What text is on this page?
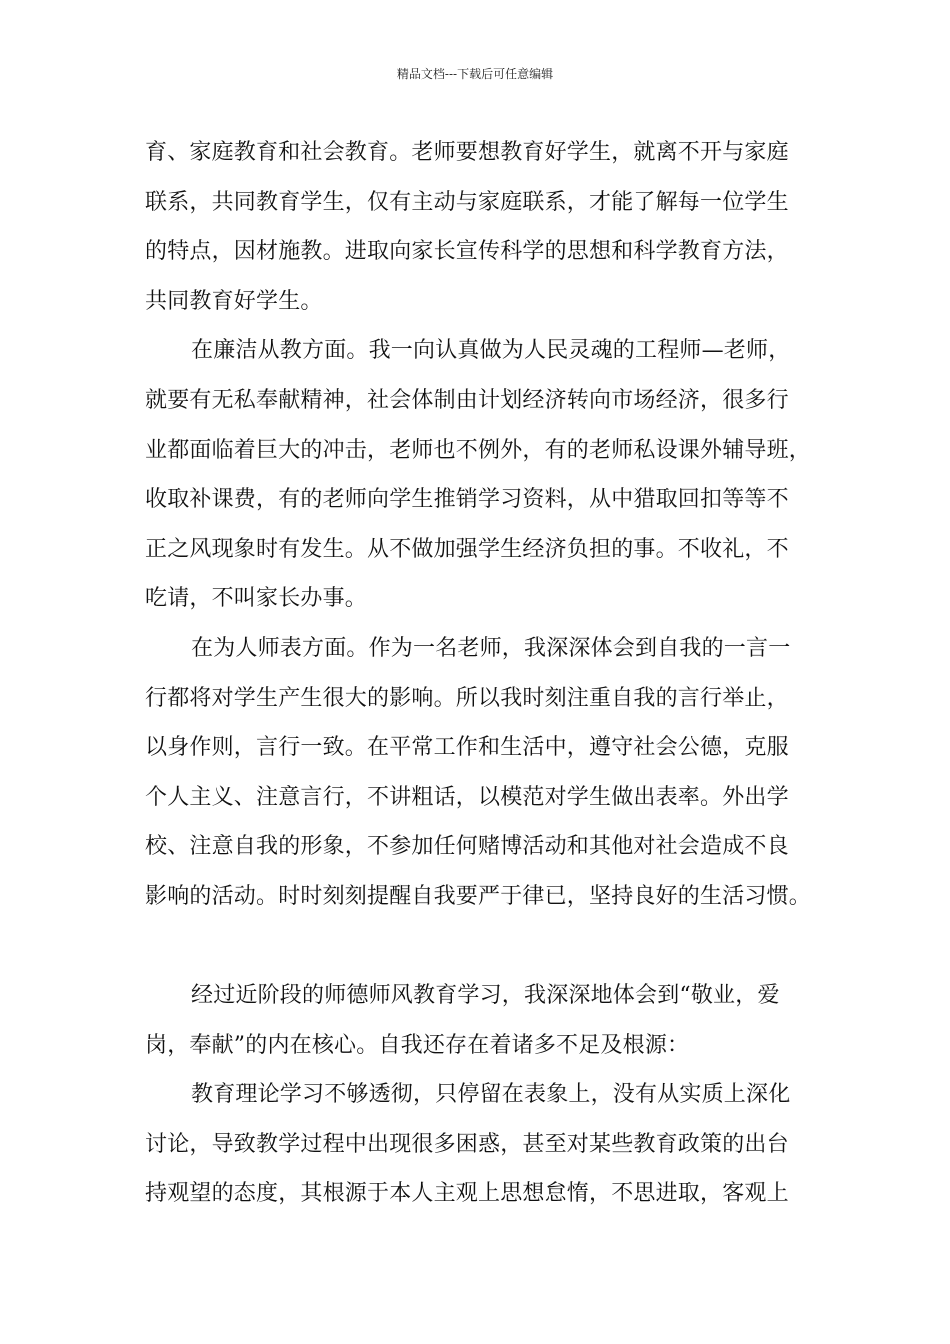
精品文档---下载后可任意编辑
育、家庭教育和社会教育。老师要想教育好学生，就离不开与家庭
联系，共同教育学生，仅有主动与家庭联系，才能了解每一位学生
的特点，因材施教。进取向家长宣传科学的思想和科学教育方法，
共同教育好学生。
在廉洁从教方面。我一向认真做为人民灵魂的工程师—老师，
就要有无私奉献精神，社会体制由计划经济转向市场经济，很多行
业都面临着巨大的冲击，老师也不例外，有的老师私设课外辅导班，
收取补课费，有的老师向学生推销学习资料，从中猎取回扣等等不
正之风现象时有发生。从不做加强学生经济负担的事。不收礼，不
吃请，不叫家长办事。
在为人师表方面。作为一名老师，我深深体会到自我的一言一
行都将对学生产生很大的影响。所以我时刻注重自我的言行举止，
以身作则，言行一致。在平常工作和生活中，遵守社会公德，克服
个人主义、注意言行，不讲粗话，以模范对学生做出表率。外出学
校、注意自我的形象，不参加任何赌博活动和其他对社会造成不良
影响的活动。时时刻刻提醒自我要严于律已，坚持良好的生活习惯。
经过近阶段的师德师风教育学习，我深深地体会到“敬业，爱
岗，奉献”的内在核心。自我还存在着诸多不足及根源：
教育理论学习不够透彻，只停留在表象上，没有从实质上深化
讨论，导致教学过程中出现很多困惑，甚至对某些教育政策的出台
持观望的态度，其根源于本人主观上思想怠惰，不思进取，客观上
